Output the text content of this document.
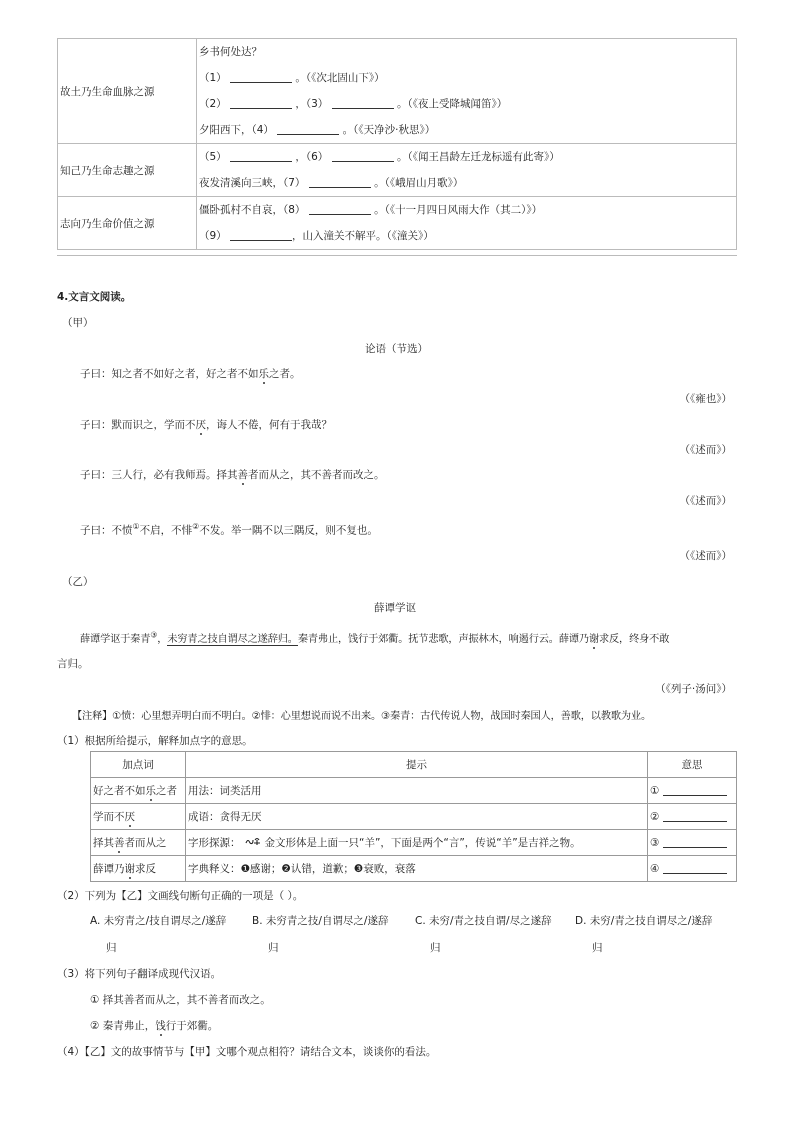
故土乃生命血脉之源	乡书何处达？
（1） 。（《次北固山下》）
（2） ，（3） 。（《夜上受降城闻笛》）
夕阳西下，（4） 。（《天净沙·秋思》）

知己乃生命志趣之源	（5） ，（6） 。（《闻王昌龄左迁龙标遥有此寄》）
夜发清溪向三峡，（7） 。（《峨眉山月歌》）

志向乃生命价值之源	僵卧孤村不自哀，（8） 。（《十一月四日风雨大作（其二）》）
（9） ，山入潼关不解平。（《潼关》）
4.文言文阅读。
（甲）
论语（节选）
子曰：知之者不如好之者，好之者不如乐之者。
（《雍也》）
子曰：默而识之，学而不厌，诲人不倦，何有于我哉？
（《述而》）
子曰：三人行，必有我师焉。择其善者而从之，其不善者而改之。
（《述而》）
子曰：不愤①不启，不悱②不发。举一隅不以三隅反，则不复也。
（《述而》）
（乙）
薛谭学讴
薛谭学讴于秦青③，未穷青之技自谓尽之遂辞归。秦青弗止，饯行于郊衢。抚节悲歌，声振林木，响遏行云。薛谭乃谢求反，终身不敢
言归。
（《列子·汤问》）
【注释】①愤：心里想弄明白而不明白。②悱：心里想说而说不出来。③秦青：古代传说人物，战国时秦国人，善歌，以教歌为业。
（1）根据所给提示，解释加点字的意思。
加点词	提示	意思
好之者不如乐之者	用法：词类活用	①
学而不厌	成语：贪得无厌	②
择其善者而从之	字形探源： 金文形体是上面一只“羊”，下面是两个“言”，传说“羊”是吉祥之物。	③
薛谭乃谢求反	字典释义：❶感谢；❷认错，道歉；❸衰败，衰落	④
（2）下列为【乙】文画线句断句正确的一项是（ ）。
A. 未穷青之/技自谓尽之/遂辞
归
B. 未穷青之技/自谓尽之/遂辞
归
C. 未穷/青之技自谓/尽之遂辞
归
D. 未穷/青之技自谓尽之/遂辞
归
（3）将下列句子翻译成现代汉语。
① 择其善者而从之，其不善者而改之。
② 秦青弗止，饯行于郊衢。
（4）【乙】文的故事情节与【甲】文哪个观点相符？请结合文本，谈谈你的看法。
